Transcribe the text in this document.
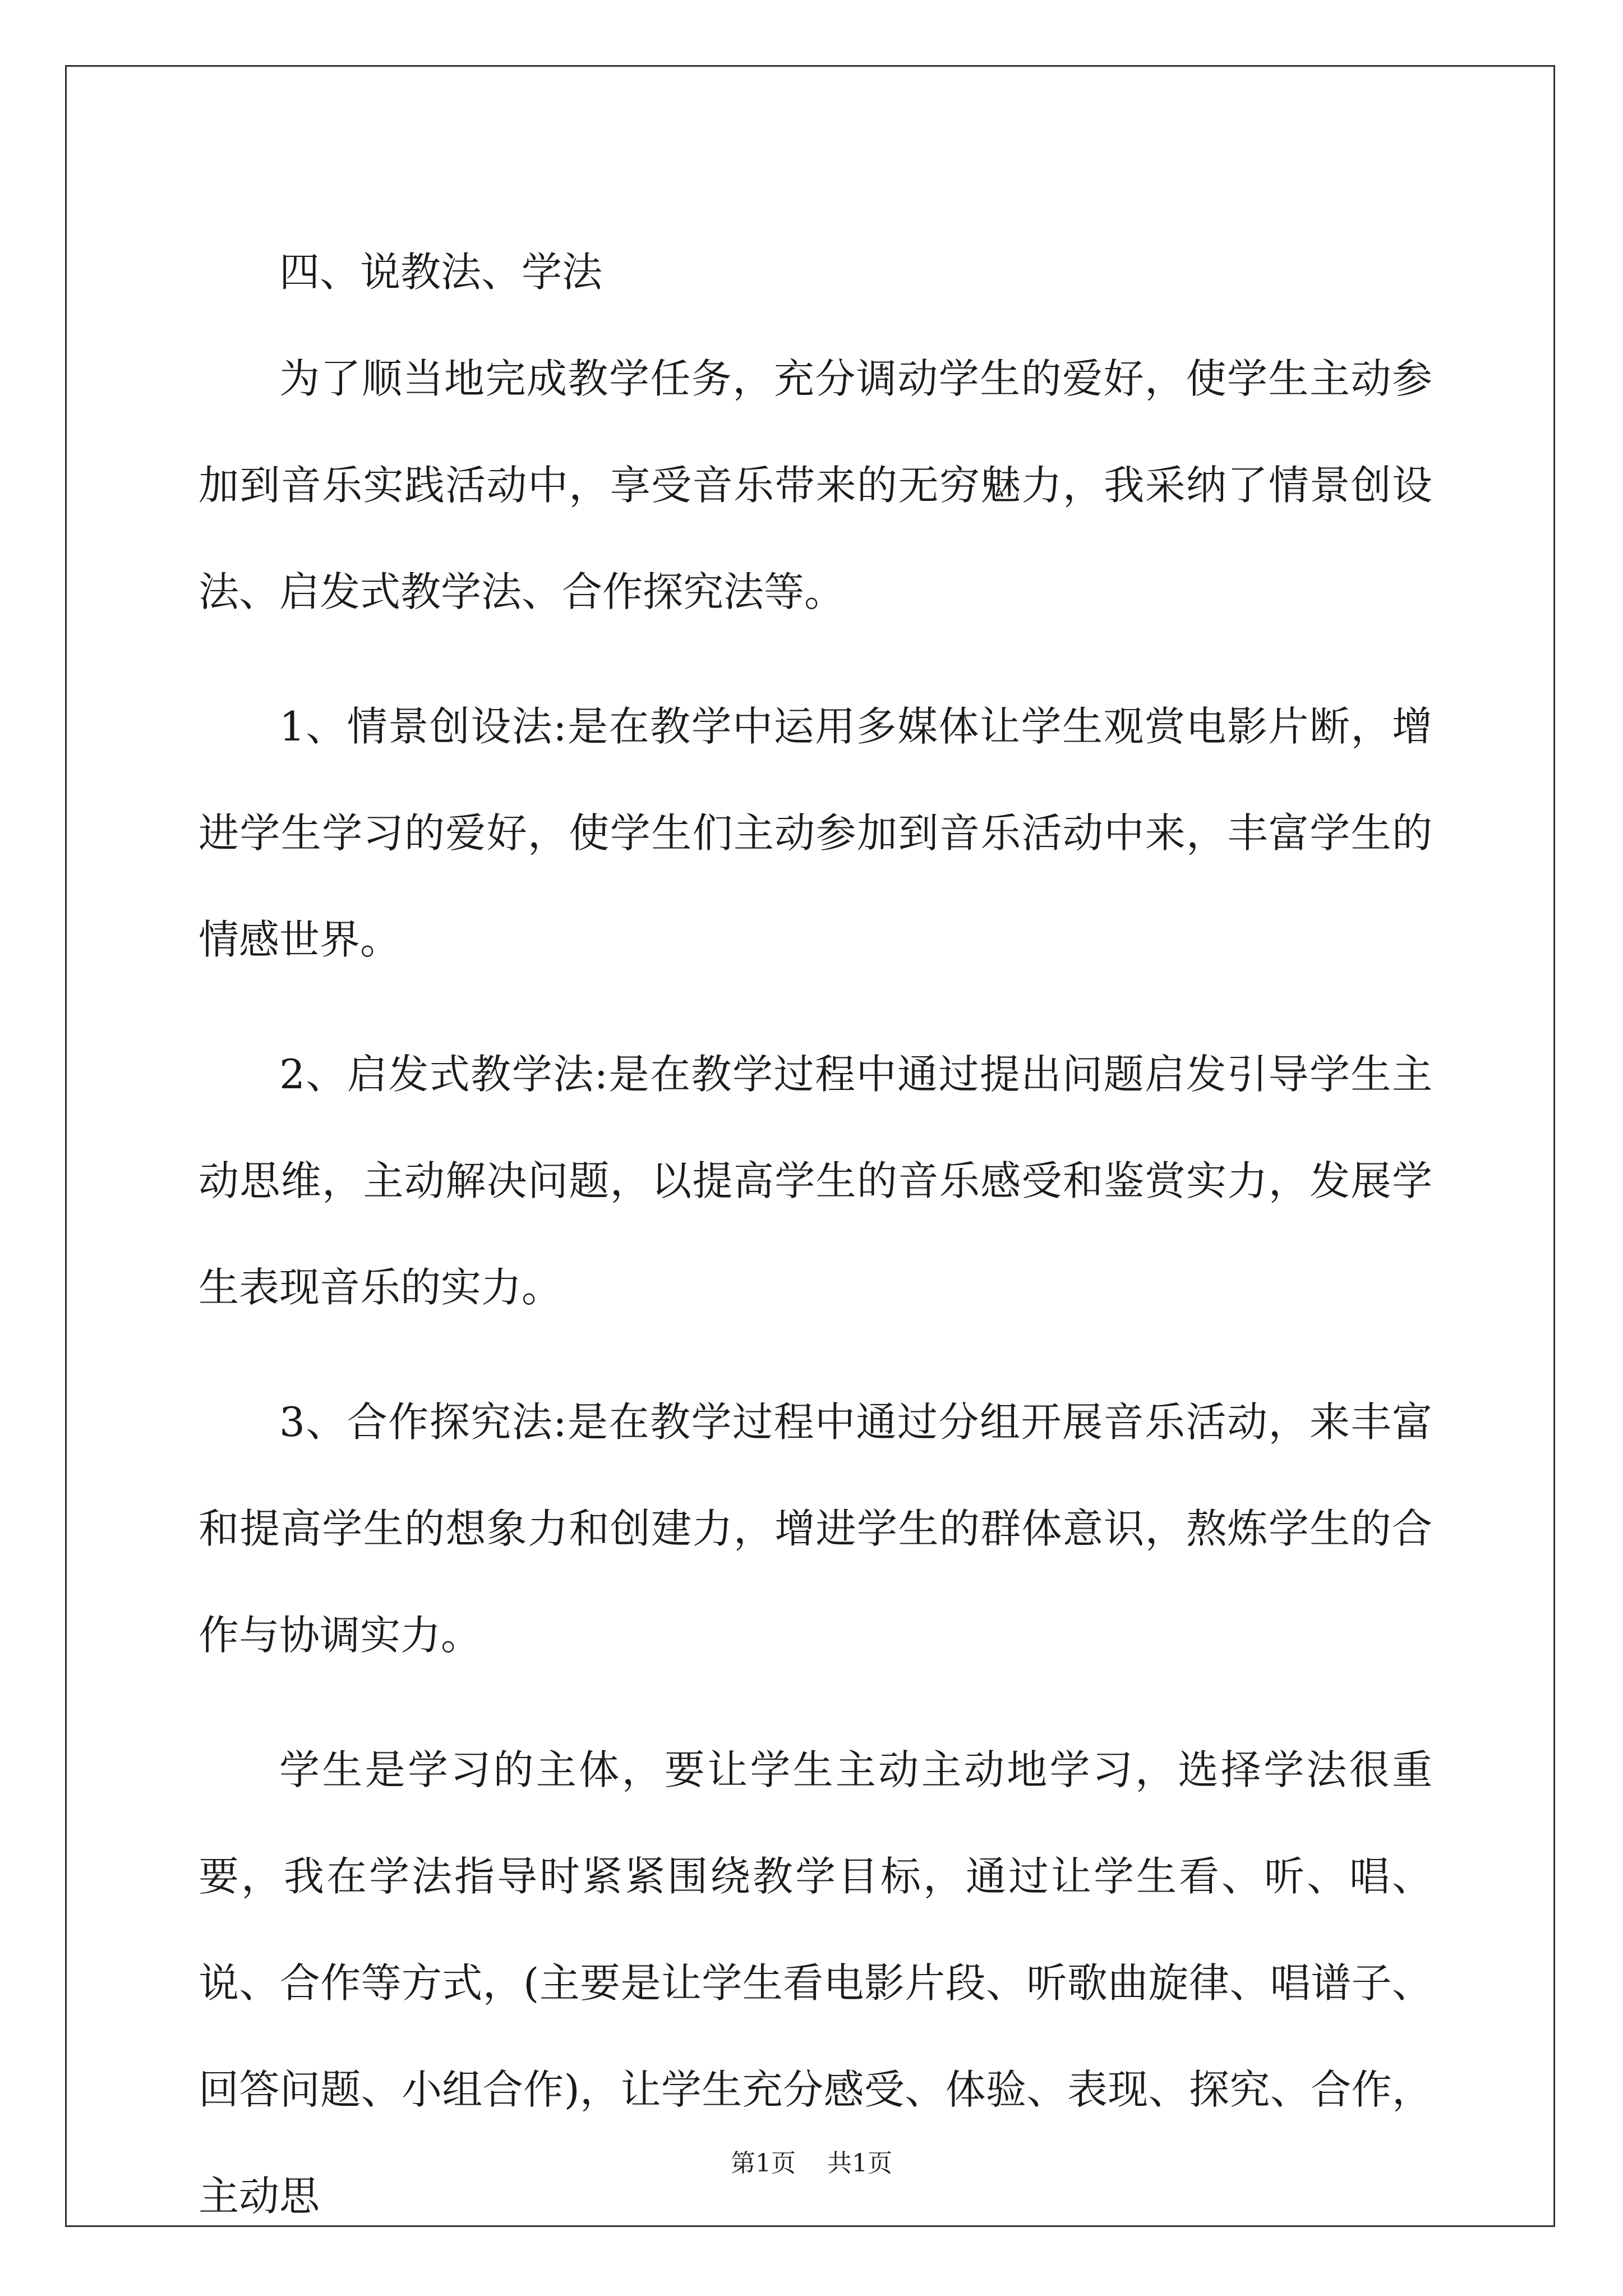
四、说教法、学法

为了顺当地完成教学任务，充分调动学生的爱好，使学生主动参加到音乐实践活动中，享受音乐带来的无穷魅力，我采纳了情景创设法、启发式教学法、合作探究法等。

1、情景创设法:是在教学中运用多媒体让学生观赏电影片断，增进学生学习的爱好，使学生们主动参加到音乐活动中来，丰富学生的情感世界。

2、启发式教学法:是在教学过程中通过提出问题启发引导学生主动思维，主动解决问题，以提高学生的音乐感受和鉴赏实力，发展学生表现音乐的实力。

3、合作探究法:是在教学过程中通过分组开展音乐活动，来丰富和提高学生的想象力和创建力，增进学生的群体意识，熬炼学生的合作与协调实力。

学生是学习的主体，要让学生主动主动地学习，选择学法很重要，我在学法指导时紧紧围绕教学目标，通过让学生看、听、唱、说、合作等方式，(主要是让学生看电影片段、听歌曲旋律、唱谱子、回答问题、小组合作)，让学生充分感受、体验、表现、探究、合作，主动思

第1页 共1页
